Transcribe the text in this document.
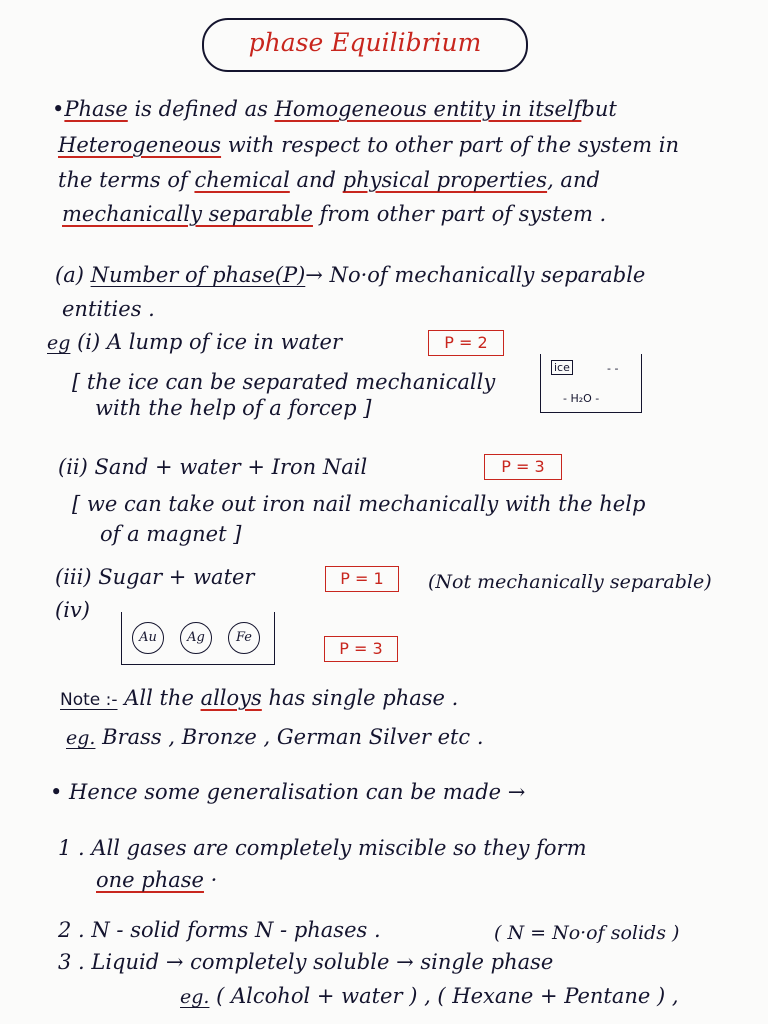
phase Equilibrium
•Phase is defined as Homogeneous entity in itselfbut
Heterogeneous with respect to other part of the system in
the terms of chemical and physical properties, and
mechanically separable from other part of system .
(a) Number of phase(P)→ No·of mechanically separable
entities .
eg (i) A lump of ice in water	P = 2
[ the ice can be separated mechanically
with the help of a forcep ]
ice	- -
- H₂O -
(ii) Sand + water + Iron Nail	P = 3
[ we can take out iron nail mechanically with the help
of a magnet ]
(iii) Sugar + water	P = 1	(Not mechanically separable)
(iv)
Au	Ag	Fe
P = 3
Note :- All the alloys has single phase .
eg. Brass , Bronze , German Silver etc .
• Hence some generalisation can be made →
1 . All gases are completely miscible so they form
one phase ·
2 . N - solid forms N - phases .	( N = No·of solids )
3 . Liquid → completely soluble → single phase
eg. ( Alcohol + water ) , ( Hexane + Pentane ) ,
